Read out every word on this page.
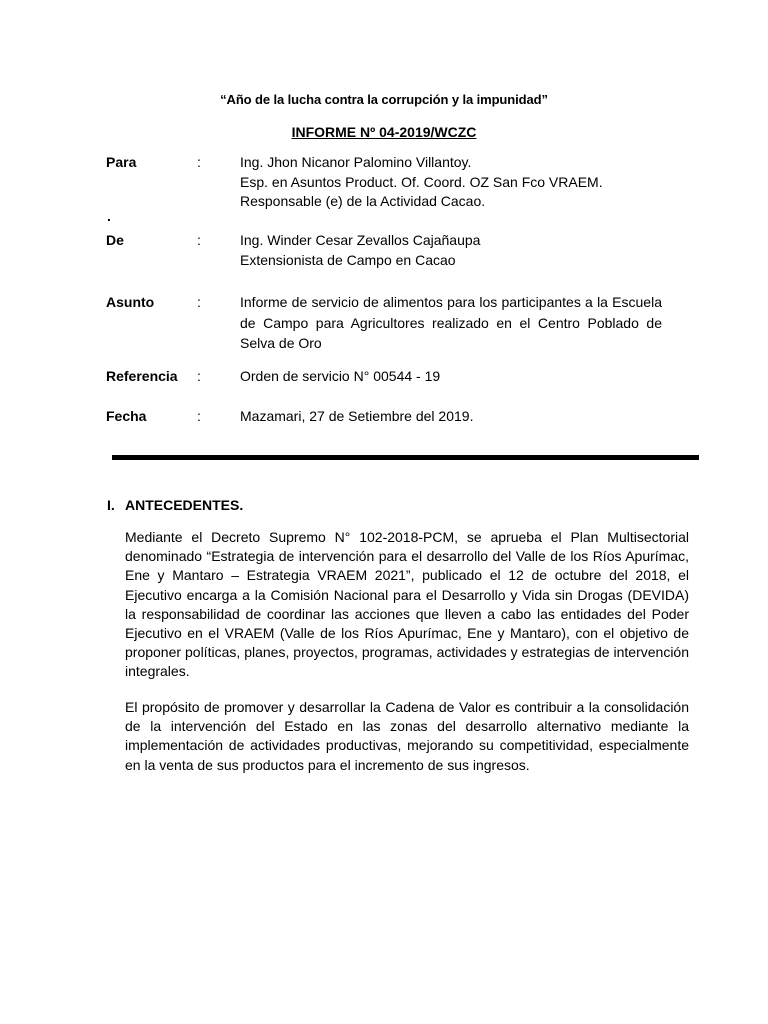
“Año de la lucha contra la corrupción y la impunidad”
INFORME Nº 04-2019/WCZC
Para	:	Ing. Jhon Nicanor Palomino Villantoy.
Esp. en Asuntos Product. Of. Coord. OZ San Fco VRAEM.
Responsable (e) de la Actividad Cacao.
.
De	:	Ing. Winder Cesar Zevallos Cajañaupa
Extensionista de Campo en Cacao
Asunto	:	Informe de servicio de alimentos para los participantes a la Escuela de Campo para Agricultores realizado en el Centro Poblado de Selva de Oro
Referencia :	Orden de servicio N° 00544 - 19
Fecha	:	Mazamari, 27 de Setiembre del 2019.
I. ANTECEDENTES.

Mediante el Decreto Supremo N° 102-2018-PCM, se aprueba el Plan Multisectorial denominado “Estrategia de intervención para el desarrollo del Valle de los Ríos Apurímac, Ene y Mantaro – Estrategia VRAEM 2021”, publicado el 12 de octubre del 2018, el Ejecutivo encarga a la Comisión Nacional para el Desarrollo y Vida sin Drogas (DEVIDA) la responsabilidad de coordinar las acciones que lleven a cabo las entidades del Poder Ejecutivo en el VRAEM (Valle de los Ríos Apurímac, Ene y Mantaro), con el objetivo de proponer políticas, planes, proyectos, programas, actividades y estrategias de intervención integrales.

El propósito de promover y desarrollar la Cadena de Valor es contribuir a la consolidación de la intervención del Estado en las zonas del desarrollo alternativo mediante la implementación de actividades productivas, mejorando su competitividad, especialmente en la venta de sus productos para el incremento de sus ingresos.
